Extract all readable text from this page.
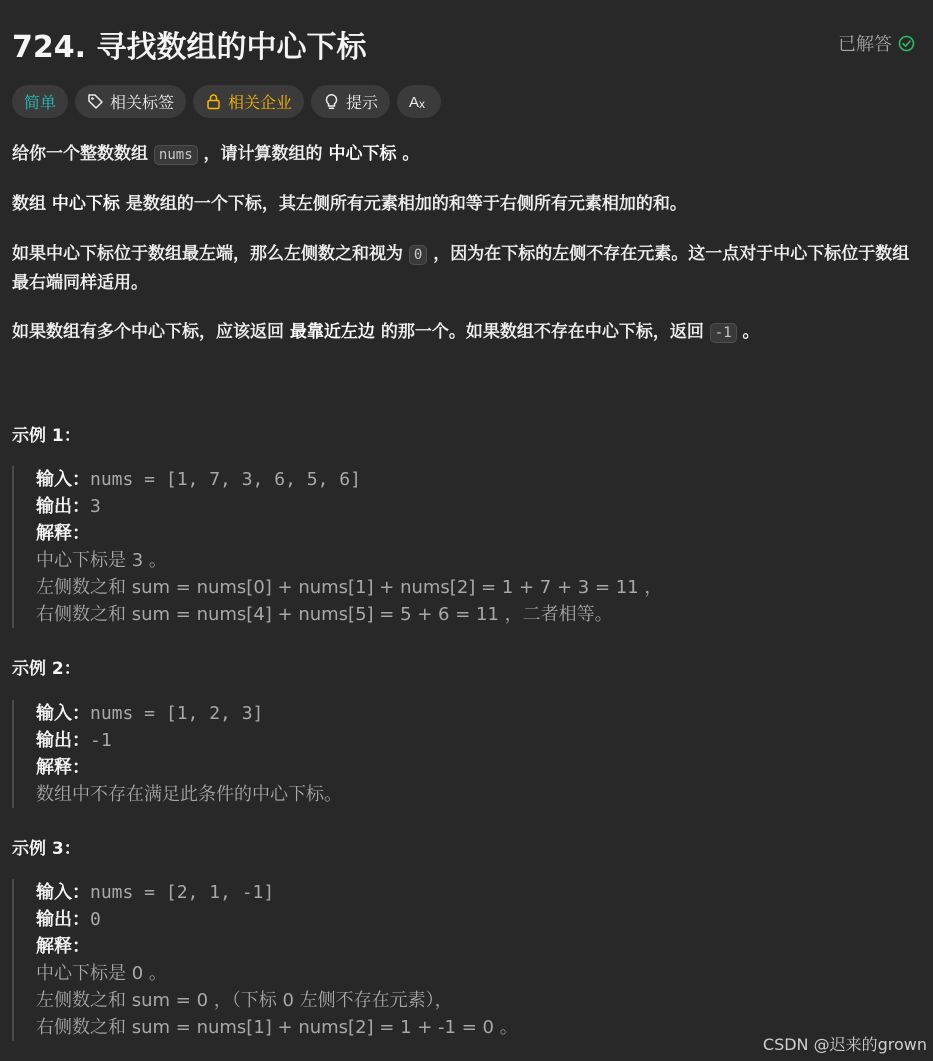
724. 寻找数组的中心下标	已解答
简单	相关标签	相关企业	提示 A x
给你一个整数数组 nums ，请计算数组的 中心下标 。
数组 中心下标 是数组的一个下标，其左侧所有元素相加的和等于右侧所有元素相加的和。
如果中心下标位于数组最左端，那么左侧数之和视为 0 ，因为在下标的左侧不存在元素。这一点对于中心下标位于数组最右端同样适用。
如果数组有多个中心下标，应该返回 最靠近左边 的那一个。如果数组不存在中心下标，返回 -1 。
示例 1：
输入：nums = [1, 7, 3, 6, 5, 6]
输出：3
解释：
中心下标是 3 。
左侧数之和 sum = nums[0] + nums[1] + nums[2] = 1 + 7 + 3 = 11 ，
右侧数之和 sum = nums[4] + nums[5] = 5 + 6 = 11 ，二者相等。
示例 2：
输入：nums = [1, 2, 3]
输出：-1
解释：
数组中不存在满足此条件的中心下标。
示例 3：
输入：nums = [2, 1, -1]
输出：0
解释：
中心下标是 0 。
左侧数之和 sum = 0 ，（下标 0 左侧不存在元素），
右侧数之和 sum = nums[1] + nums[2] = 1 + -1 = 0 。
CSDN @迟来的grown
